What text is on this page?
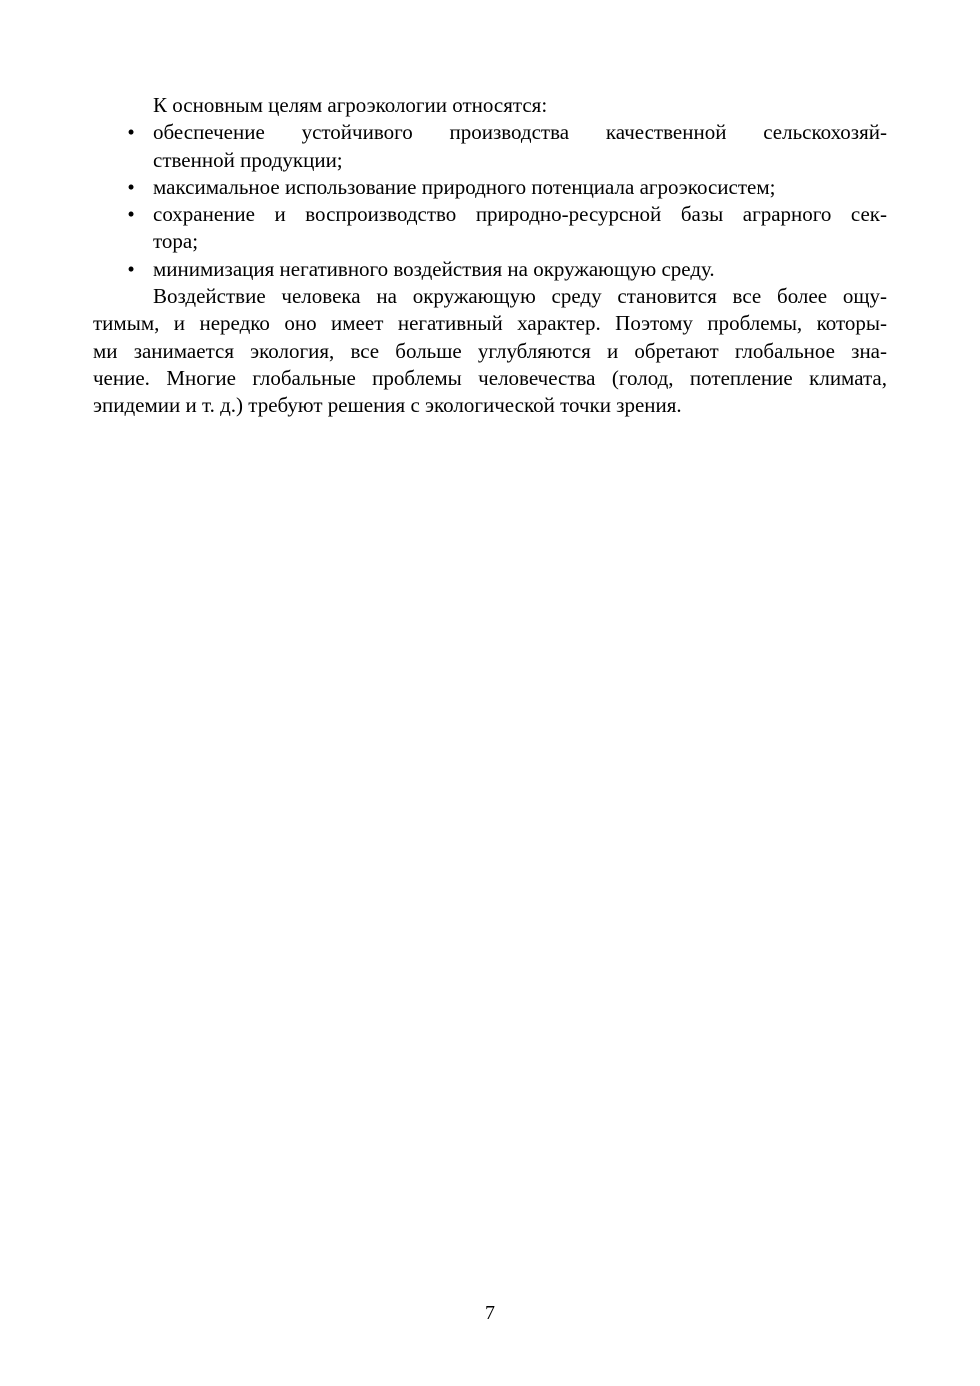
К основным целям агроэкологии относятся:

• обеспечение устойчивого производства качественной сельскохозяй-
ственной продукции;
• максимальное использование природного потенциала агроэкосистем;
• сохранение и воспроизводство природно-ресурсной базы аграрного сек-
тора;
• минимизация негативного воздействия на окружающую среду.
Воздействие человека на окружающую среду становится все более ощу-
тимым, и нередко оно имеет негативный характер. Поэтому проблемы, которы-
ми занимается экология, все больше углубляются и обретают глобальное зна-
чение. Многие глобальные проблемы человечества (голод, потепление климата,
эпидемии и т. д.) требуют решения с экологической точки зрения.
7
